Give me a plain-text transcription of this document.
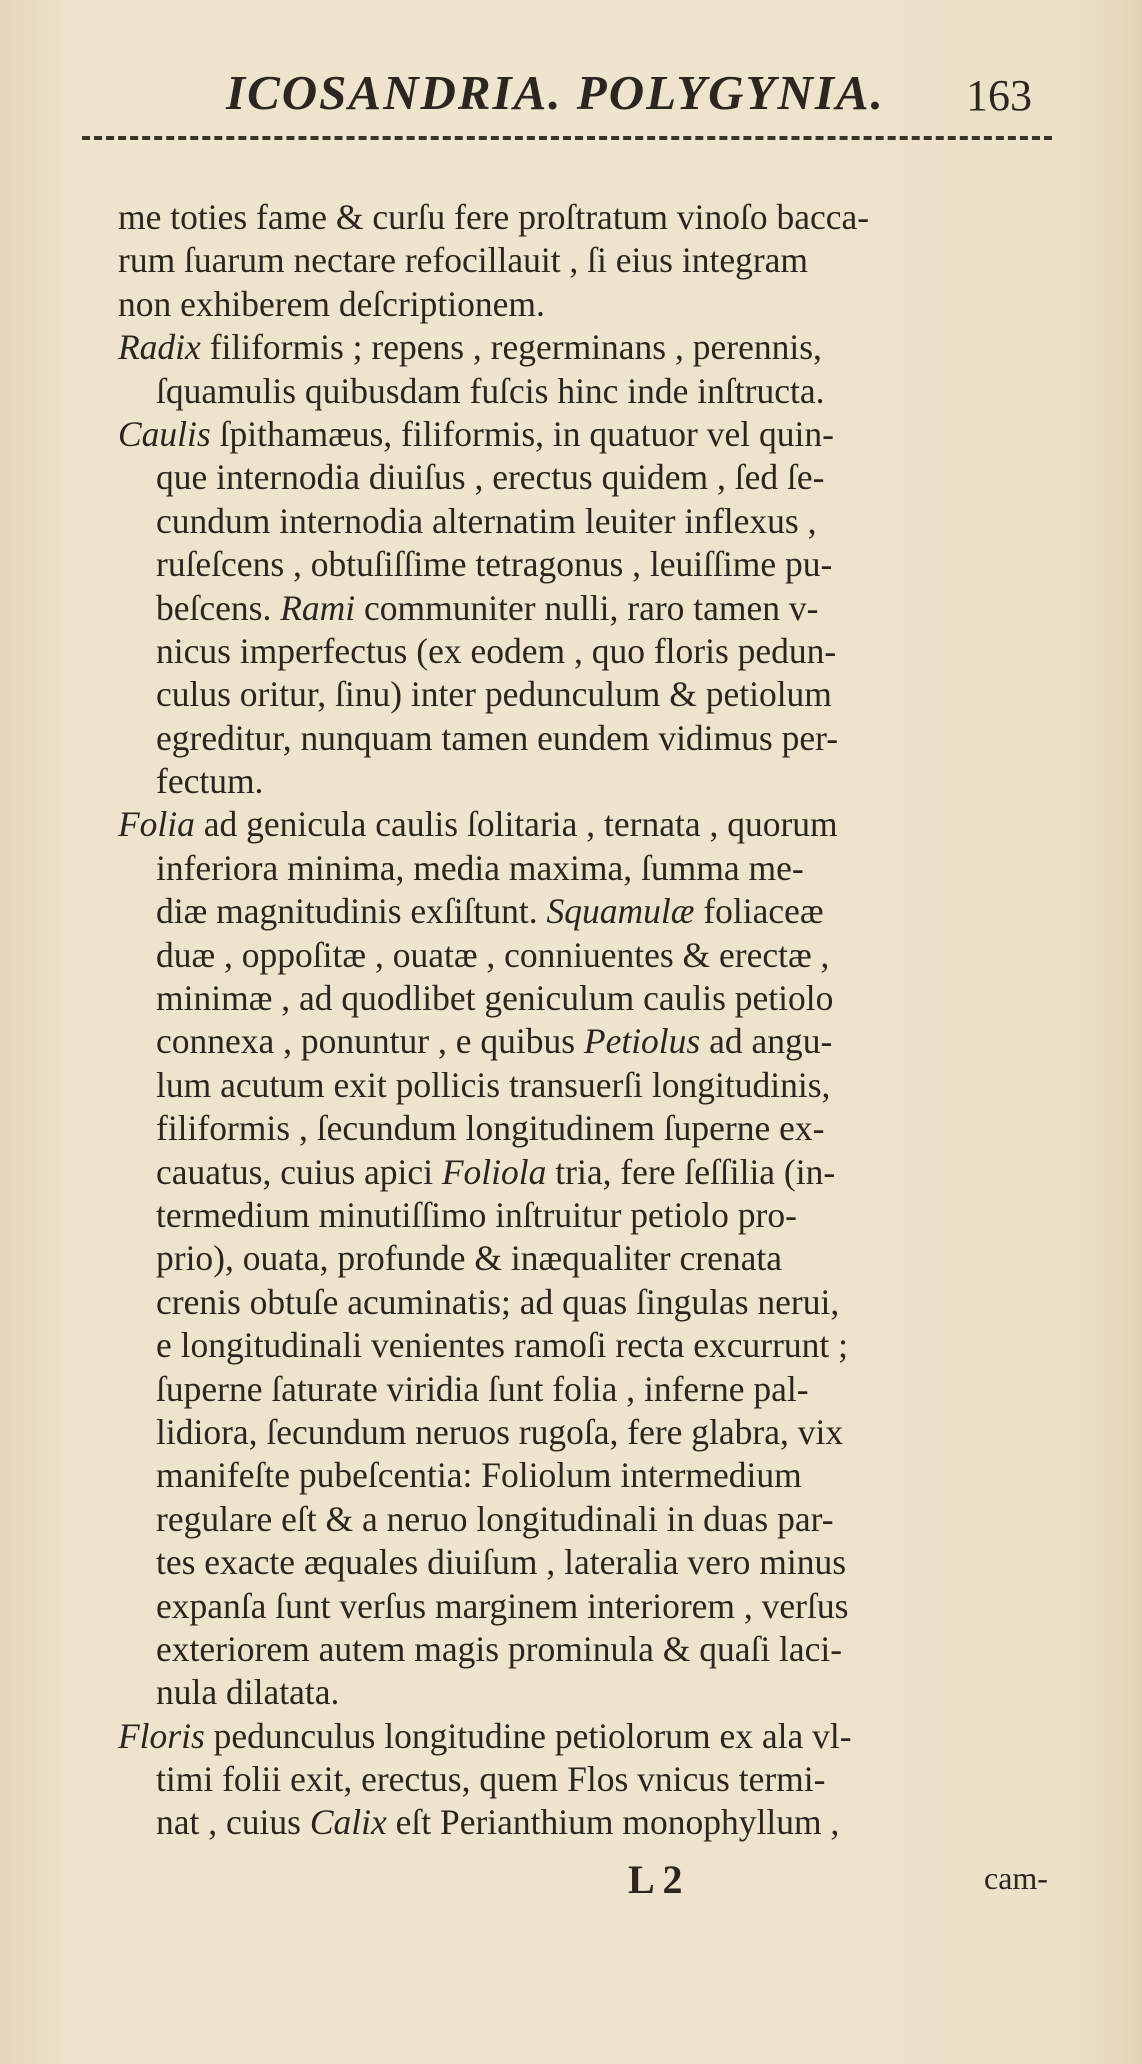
ICOSANDRIA. POLYGYNIA. 163
me toties fame & curſu fere proſtratum vinoſo bacca-
rum ſuarum nectare refocillauit , ſi eius integram
non exhiberem deſcriptionem.
Radix filiformis ; repens , regerminans , perennis,
ſquamulis quibusdam fuſcis hinc inde inſtructa.
Caulis ſpithamæus, filiformis, in quatuor vel quin-
que internodia diuiſus , erectus quidem , ſed ſe-
cundum internodia alternatim leuiter inflexus ,
ruſeſcens , obtuſiſſime tetragonus , leuiſſime pu-
beſcens. Rami communiter nulli, raro tamen v-
nicus imperfectus (ex eodem , quo floris pedun-
culus oritur, ſinu) inter pedunculum & petiolum
egreditur, nunquam tamen eundem vidimus per-
fectum.
Folia ad genicula caulis ſolitaria , ternata , quorum
inferiora minima, media maxima, ſumma me-
diæ magnitudinis exſiſtunt. Squamulæ foliaceæ
duæ , oppoſitæ , ouatæ , conniuentes & erectæ ,
minimæ , ad quodlibet geniculum caulis petiolo
connexa , ponuntur , e quibus Petiolus ad angu-
lum acutum exit pollicis transuerſi longitudinis,
filiformis , ſecundum longitudinem ſuperne ex-
cauatus, cuius apici Foliola tria, fere ſeſſilia (in-
termedium minutiſſimo inſtruitur petiolo pro-
prio), ouata, profunde & inæqualiter crenata
crenis obtuſe acuminatis; ad quas ſingulas nerui,
e longitudinali venientes ramoſi recta excurrunt ;
ſuperne ſaturate viridia ſunt folia , inferne pal-
lidiora, ſecundum neruos rugoſa, fere glabra, vix
manifeſte pubeſcentia: Foliolum intermedium
regulare eſt & a neruo longitudinali in duas par-
tes exacte æquales diuiſum , lateralia vero minus
expanſa ſunt verſus marginem interiorem , verſus
exteriorem autem magis prominula & quaſi laci-
nula dilatata.
Floris pedunculus longitudine petiolorum ex ala vl-
timi folii exit, erectus, quem Flos vnicus termi-
nat , cuius Calix eſt Perianthium monophyllum ,
L 2	cam-
